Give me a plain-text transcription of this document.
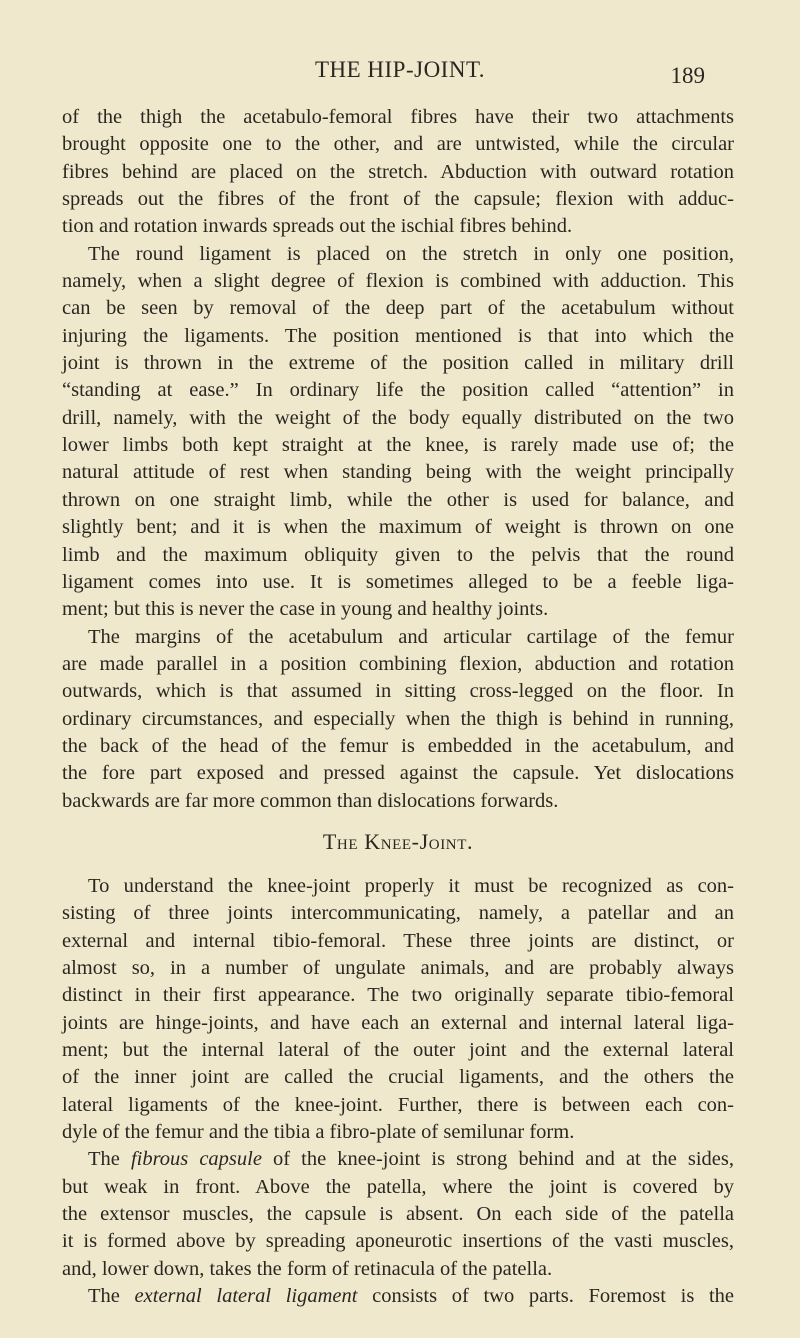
THE HIP-JOINT.	189
of the thigh the acetabulo-femoral fibres have their two attachments
brought opposite one to the other, and are untwisted, while the circular
fibres behind are placed on the stretch. Abduction with outward rotation
spreads out the fibres of the front of the capsule; flexion with adduc-
tion and rotation inwards spreads out the ischial fibres behind.
The round ligament is placed on the stretch in only one position,
namely, when a slight degree of flexion is combined with adduction. This
can be seen by removal of the deep part of the acetabulum without
injuring the ligaments. The position mentioned is that into which the
joint is thrown in the extreme of the position called in military drill
“standing at ease.” In ordinary life the position called “attention” in
drill, namely, with the weight of the body equally distributed on the two
lower limbs both kept straight at the knee, is rarely made use of; the
natural attitude of rest when standing being with the weight principally
thrown on one straight limb, while the other is used for balance, and
slightly bent; and it is when the maximum of weight is thrown on one
limb and the maximum obliquity given to the pelvis that the round
ligament comes into use. It is sometimes alleged to be a feeble liga-
ment; but this is never the case in young and healthy joints.
The margins of the acetabulum and articular cartilage of the femur
are made parallel in a position combining flexion, abduction and rotation
outwards, which is that assumed in sitting cross-legged on the floor. In
ordinary circumstances, and especially when the thigh is behind in running,
the back of the head of the femur is embedded in the acetabulum, and
the fore part exposed and pressed against the capsule. Yet dislocations
backwards are far more common than dislocations forwards.
The Knee-Joint.
To understand the knee-joint properly it must be recognized as con-
sisting of three joints intercommunicating, namely, a patellar and an
external and internal tibio-femoral. These three joints are distinct, or
almost so, in a number of ungulate animals, and are probably always
distinct in their first appearance. The two originally separate tibio-femoral
joints are hinge-joints, and have each an external and internal lateral liga-
ment; but the internal lateral of the outer joint and the external lateral
of the inner joint are called the crucial ligaments, and the others the
lateral ligaments of the knee-joint. Further, there is between each con-
dyle of the femur and the tibia a fibro-plate of semilunar form.
The fibrous capsule of the knee-joint is strong behind and at the sides,
but weak in front. Above the patella, where the joint is covered by
the extensor muscles, the capsule is absent. On each side of the patella
it is formed above by spreading aponeurotic insertions of the vasti muscles,
and, lower down, takes the form of retinacula of the patella.
The external lateral ligament consists of two parts. Foremost is the
